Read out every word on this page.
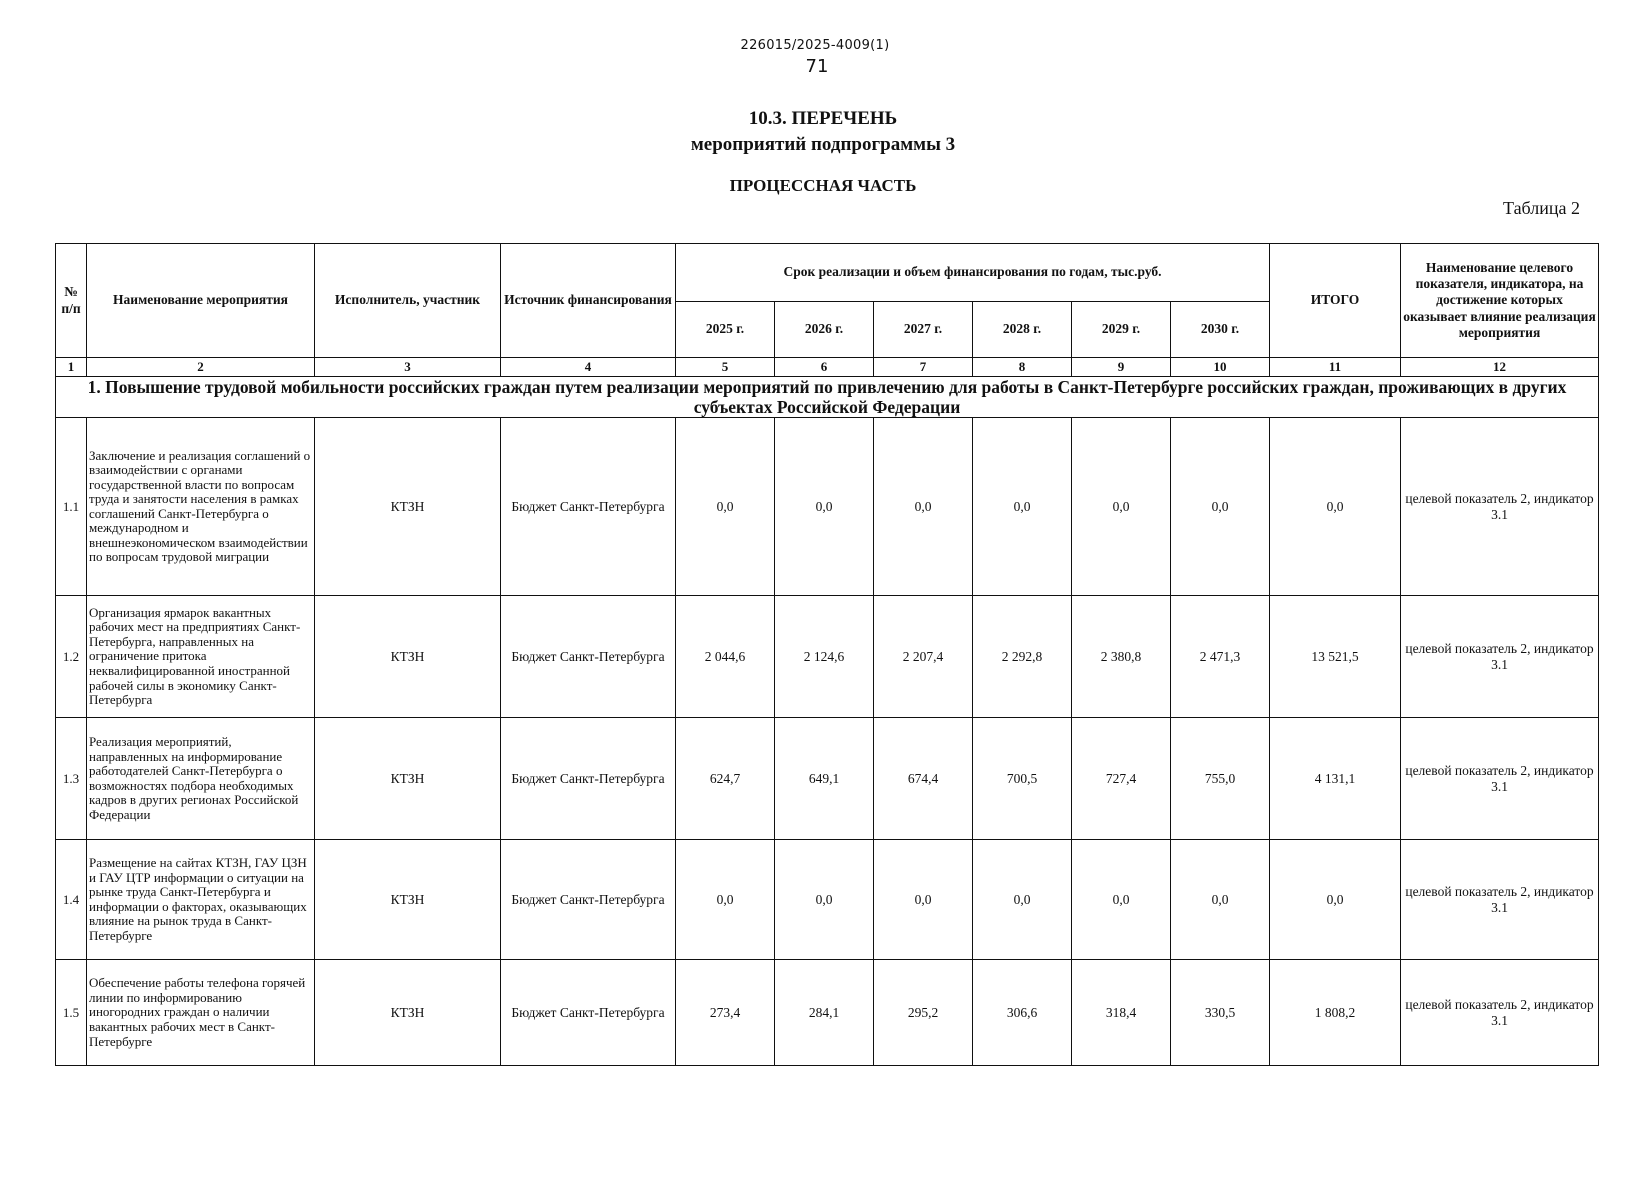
226015/2025-4009(1)
71
10.3. ПЕРЕЧЕНЬ
мероприятий подпрограммы 3
ПРОЦЕССНАЯ ЧАСТЬ
Таблица 2
№ п/п	Наименование мероприятия	Исполнитель, участник	Источник финансирования	Срок реализации и объем финансирования по годам, тыс.руб.						ИТОГО	Наименование целевого показателя, индикатора, на достижение которых оказывает влияние реализация мероприятия
				2025 г.	2026 г.	2027 г.	2028 г.	2029 г.	2030 г.		
1	2	3	4	5	6	7	8	9	10	11	12
1. Повышение трудовой мобильности российских граждан путем реализации мероприятий по привлечению для работы в Санкт-Петербурге российских граждан, проживающих в других субъектах Российской Федерации											
1.1	Заключение и реализация соглашений о взаимодействии с органами государственной власти по вопросам труда и занятости населения в рамках соглашений Санкт-Петербурга о международном и внешнеэкономическом взаимодействии по вопросам трудовой миграции	КТЗН	Бюджет Санкт-Петербурга	0,0	0,0	0,0	0,0	0,0	0,0	0,0	целевой показатель 2, индикатор 3.1
1.2	Организация ярмарок вакантных рабочих мест на предприятиях Санкт-Петербурга, направленных на ограничение притока неквалифицированной иностранной рабочей силы в экономику Санкт-Петербурга	КТЗН	Бюджет Санкт-Петербурга	2 044,6	2 124,6	2 207,4	2 292,8	2 380,8	2 471,3	13 521,5	целевой показатель 2, индикатор 3.1
1.3	Реализация мероприятий, направленных на информирование работодателей Санкт-Петербурга о возможностях подбора необходимых кадров в других регионах Российской Федерации	КТЗН	Бюджет Санкт-Петербурга	624,7	649,1	674,4	700,5	727,4	755,0	4 131,1	целевой показатель 2, индикатор 3.1
1.4	Размещение на сайтах КТЗН, ГАУ ЦЗН и ГАУ ЦТР информации о ситуации на рынке труда Санкт-Петербурга и информации о факторах, оказывающих влияние на рынок труда в Санкт-Петербурге	КТЗН	Бюджет Санкт-Петербурга	0,0	0,0	0,0	0,0	0,0	0,0	0,0	целевой показатель 2, индикатор 3.1
1.5	Обеспечение работы телефона горячей линии по информированию иногородних граждан о наличии вакантных рабочих мест в Санкт-Петербурге	КТЗН	Бюджет Санкт-Петербурга	273,4	284,1	295,2	306,6	318,4	330,5	1 808,2	целевой показатель 2, индикатор 3.1
